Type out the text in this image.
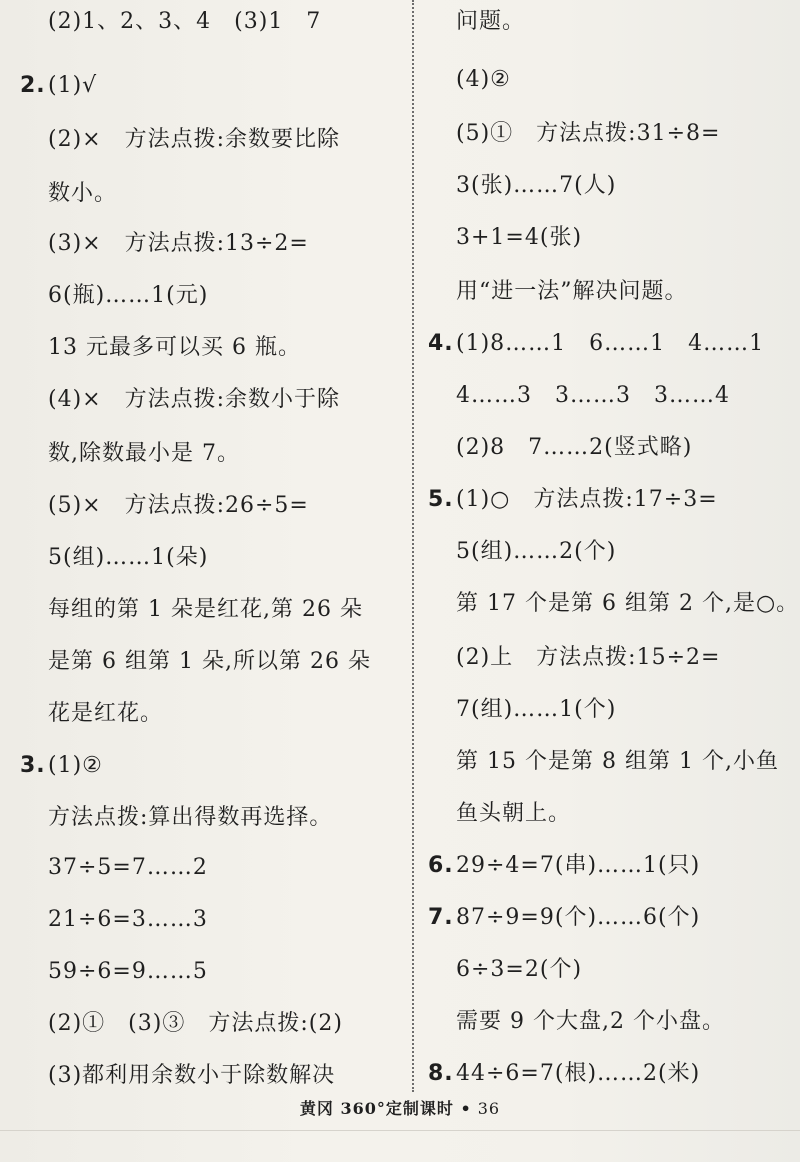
(2)1、2、3、4　(3)1　7
2. (1)√
(2)×　方法点拨:余数要比除
数小。
(3)×　方法点拨:13÷2=
6(瓶)……1(元)
13 元最多可以买 6 瓶。
(4)×　方法点拨:余数小于除
数,除数最小是 7。
(5)×　方法点拨:26÷5=
5(组)……1(朵)
每组的第 1 朵是红花,第 26 朵
是第 6 组第 1 朵,所以第 26 朵
花是红花。
3. (1)②
方法点拨:算出得数再选择。
37÷5=7……2
21÷6=3……3
59÷6=9……5
(2)①　(3)③　方法点拨:(2)
(3)都利用余数小于除数解决
问题。
(4)②
(5)①　方法点拨:31÷8=
3(张)……7(人)
3+1=4(张)
用“进一法”解决问题。
4. (1)8……1　6……1　4……1
4……3　3……3　3……4
(2)8　7……2(竖式略)
5. (1)○　方法点拨:17÷3=
5(组)……2(个)
第 17 个是第 6 组第 2 个,是○。
(2)上　方法点拨:15÷2=
7(组)……1(个)
第 15 个是第 8 组第 1 个,小鱼
鱼头朝上。
6. 29÷4=7(串)……1(只)
7. 87÷9=9(个)……6(个)
6÷3=2(个)
需要 9 个大盘,2 个小盘。
8. 44÷6=7(根)……2(米)
黄冈 360°定制课时 • 36
